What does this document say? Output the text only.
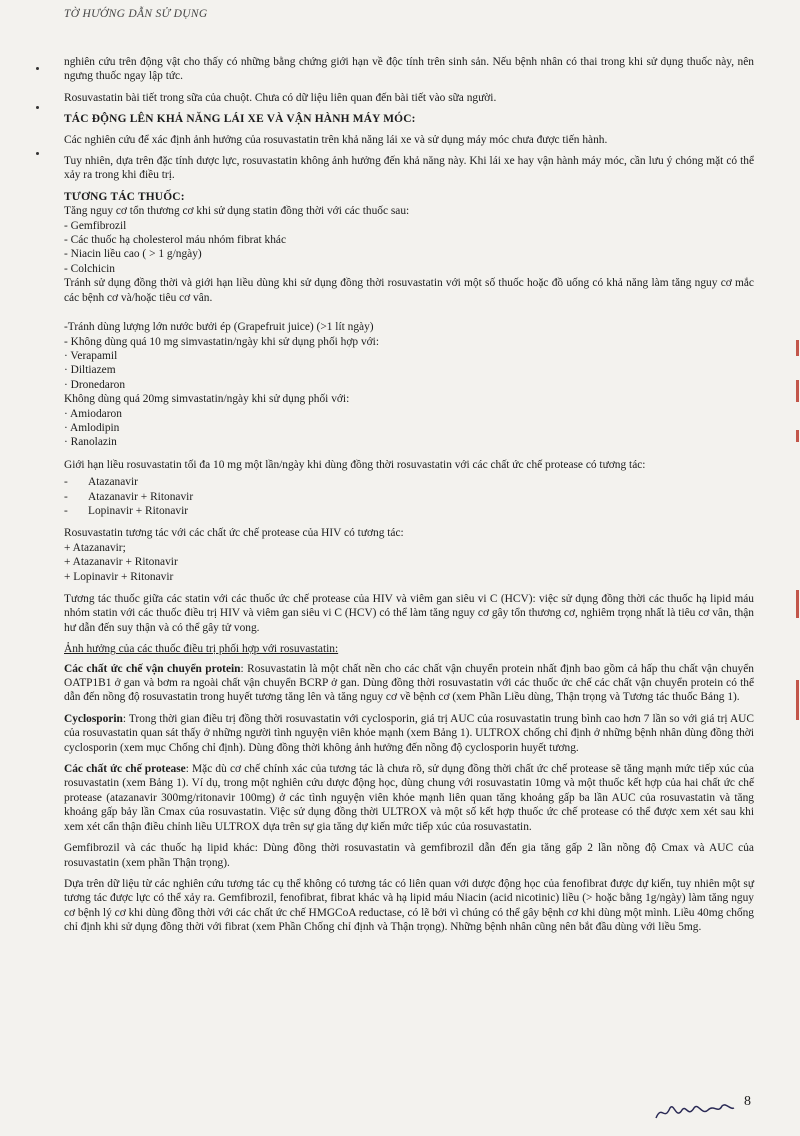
TỜ HƯỚNG DẪN SỬ DỤNG

nghiên cứu trên động vật cho thấy có những bằng chứng giới hạn về độc tính trên sinh sản. Nếu bệnh nhân có thai trong khi sử dụng thuốc này, nên ngưng thuốc ngay lập tức.

Rosuvastatin bài tiết trong sữa của chuột. Chưa có dữ liệu liên quan đến bài tiết vào sữa người.

TÁC ĐỘNG LÊN KHẢ NĂNG LÁI XE VÀ VẬN HÀNH MÁY MÓC:

Các nghiên cứu để xác định ảnh hưởng của rosuvastatin trên khả năng lái xe và sử dụng máy móc chưa được tiến hành.

Tuy nhiên, dựa trên đặc tính dược lực, rosuvastatin không ảnh hưởng đến khả năng này. Khi lái xe hay vận hành máy móc, cần lưu ý chóng mặt có thể xảy ra trong khi điều trị.

TƯƠNG TÁC THUỐC:
Tăng nguy cơ tổn thương cơ khi sử dụng statin đồng thời với các thuốc sau:
- Gemfibrozil
- Các thuốc hạ cholesterol máu nhóm fibrat khác
- Niacin liều cao ( > 1 g/ngày)
- Colchicin

Tránh sử dụng đồng thời và giới hạn liều dùng khi sử dụng đồng thời rosuvastatin với một số thuốc hoặc đồ uống có khả năng làm tăng nguy cơ mắc các bệnh cơ và/hoặc tiêu cơ vân.

-Tránh dùng lượng lớn nước bưởi ép (Grapefruit juice) (>1 lít ngày)
- Không dùng quá 10 mg simvastatin/ngày khi sử dụng phối hợp với:
· Verapamil
· Diltiazem
· Dronedaron
Không dùng quá 20mg simvastatin/ngày khi sử dụng phối với:
· Amiodaron
· Amlodipin
· Ranolazin

Giới hạn liều rosuvastatin tối đa 10 mg một lần/ngày khi dùng đồng thời rosuvastatin với các chất ức chế protease có tương tác:

-	Atazanavir
-	Atazanavir + Ritonavir
-	Lopinavir + Ritonavir
Rosuvastatin tương tác với các chất ức chế protease của HIV có tương tác:
+ Atazanavir;
+ Atazanavir + Ritonavir
+ Lopinavir + Ritonavir

Tương tác thuốc giữa các statin với các thuốc ức chế protease của HIV và viêm gan siêu vi C (HCV): việc sử dụng đồng thời các thuốc hạ lipid máu nhóm statin với các thuốc điều trị HIV và viêm gan siêu vi C (HCV) có thể làm tăng nguy cơ gây tổn thương cơ, nghiêm trọng nhất là tiêu cơ vân, thận hư dẫn đến suy thận và có thể gây tử vong.

Ảnh hưởng của các thuốc điều trị phối hợp với rosuvastatin:

Các chất ức chế vận chuyển protein: Rosuvastatin là một chất nền cho các chất vận chuyển protein nhất định bao gồm cả hấp thu chất vận chuyển OATP1B1 ở gan và bơm ra ngoài chất vận chuyển BCRP ở gan. Dùng đồng thời rosuvastatin với các thuốc ức chế các chất vận chuyển protein có thể dẫn đến nồng độ rosuvastatin trong huyết tương tăng lên và tăng nguy cơ về bệnh cơ (xem Phần Liều dùng, Thận trọng và Tương tác thuốc Bảng 1).

Cyclosporin: Trong thời gian điều trị đồng thời rosuvastatin với cyclosporin, giá trị AUC của rosuvastatin trung bình cao hơn 7 lần so với giá trị AUC của rosuvastatin quan sát thấy ở những người tình nguyện viên khỏe mạnh (xem Bảng 1). ULTROX chống chỉ định ở những bệnh nhân dùng đồng thời cyclosporin (xem mục Chống chỉ định). Dùng đồng thời không ảnh hưởng đến nồng độ cyclosporin huyết tương.

Các chất ức chế protease: Mặc dù cơ chế chính xác của tương tác là chưa rõ, sử dụng đồng thời chất ức chế protease sẽ tăng mạnh mức tiếp xúc của rosuvastatin (xem Bảng 1). Ví dụ, trong một nghiên cứu dược động học, dùng chung với rosuvastatin 10mg và một thuốc kết hợp của hai chất ức chế protease (atazanavir 300mg/ritonavir 100mg) ở các tình nguyện viên khỏe mạnh liên quan tăng khoảng gấp ba lần AUC của rosuvastatin và tăng khoảng gấp bảy lần Cmax của rosuvastatin. Việc sử dụng đồng thời ULTROX và một số kết hợp thuốc ức chế protease có thể được xem xét sau khi xem xét cẩn thận điều chỉnh liều ULTROX dựa trên sự gia tăng dự kiến mức tiếp xúc của rosuvastatin.

Gemfibrozil và các thuốc hạ lipid khác: Dùng đồng thời rosuvastatin và gemfibrozil dẫn đến gia tăng gấp 2 lần nồng độ Cmax và AUC của rosuvastatin (xem phần Thận trọng).

Dựa trên dữ liệu từ các nghiên cứu tương tác cụ thể không có tương tác có liên quan với dược động học của fenofibrat được dự kiến, tuy nhiên một sự tương tác được lực có thể xảy ra. Gemfibrozil, fenofibrat, fibrat khác và hạ lipid máu Niacin (acid nicotinic) liều (> hoặc bằng 1g/ngày) làm tăng nguy cơ bệnh lý cơ khi dùng đồng thời với các chất ức chế HMGCoA reductase, có lẽ bởi vì chúng có thể gây bệnh cơ khi dùng một mình. Liều 40mg chống chỉ định khi sử dụng đồng thời với fibrat (xem Phần Chống chỉ định và Thận trọng). Những bệnh nhân cũng nên bắt đầu dùng với liều 5mg.

8
